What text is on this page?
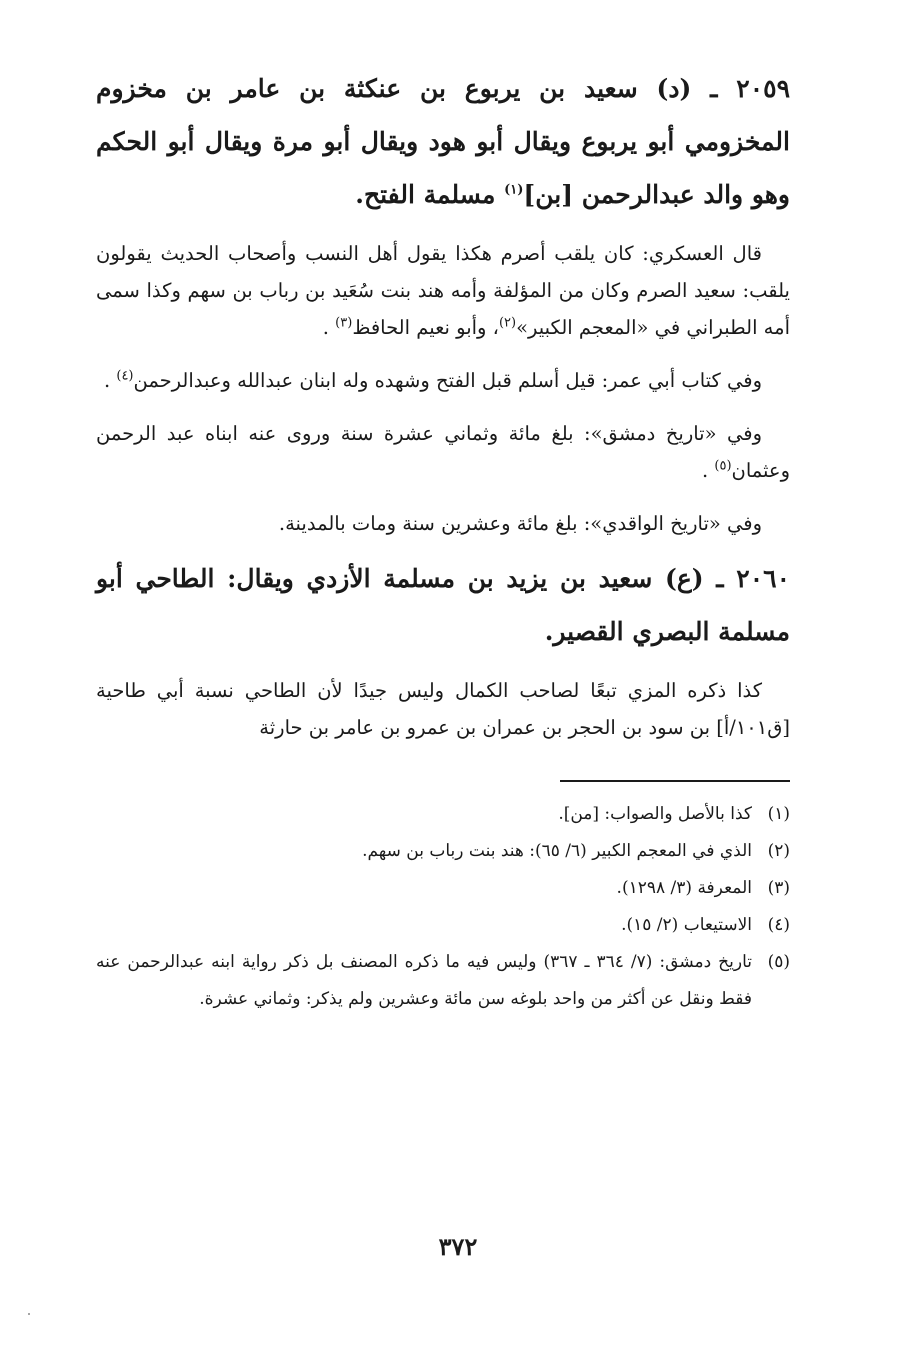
٢٠٥٩ ـ (د) سعيد بن يربوع بن عنكثة بن عامر بن مخزوم المخزومي أبو يربوع ويقال أبو هود ويقال أبو مرة ويقال أبو الحكم وهو والد عبدالرحمن [بن]$^{(١)}$ مسلمة الفتح.

قال العسكري: كان يلقب أصرم هكذا يقول أهل النسب وأصحاب الحديث يقولون يلقب: سعيد الصرم وكان من المؤلفة وأمه هند بنت سُعَيد بن رباب بن سهم وكذا سمى أمه الطبراني في «المعجم الكبير»$^{(٢)}$، وأبو نعيم الحافظ$^{(٣)}$ .

وفي كتاب أبي عمر: قيل أسلم قبل الفتح وشهده وله ابنان عبدالله وعبدالرحمن$^{(٤)}$ .

وفي «تاريخ دمشق»: بلغ مائة وثماني عشرة سنة وروى عنه ابناه عبد الرحمن وعثمان$^{(٥)}$ .

وفي «تاريخ الواقدي»: بلغ مائة وعشرين سنة ومات بالمدينة.

٢٠٦٠ ـ (ع) سعيد بن يزيد بن مسلمة الأزدي ويقال: الطاحي أبو مسلمة البصري القصير.

كذا ذكره المزي تبعًا لصاحب الكمال وليس جيدًا لأن الطاحي نسبة أبي طاحية [ق١٠١/أ] بن سود بن الحجر بن عمران بن عمرو بن عامر بن حارثة

(١)
كذا بالأصل والصواب: [من].
(٢)
الذي في المعجم الكبير (٦/ ٦٥): هند بنت رباب بن سهم.
(٣)
المعرفة (٣/ ١٢٩٨).
(٤)
الاستيعاب (٢/ ١٥).
(٥)
تاريخ دمشق: (٧/ ٣٦٤ ـ ٣٦٧) وليس فيه ما ذكره المصنف بل ذكر رواية ابنه عبدالرحمن عنه فقط ونقل عن أكثر من واحد بلوغه سن مائة وعشرين ولم يذكر: وثماني عشرة.
٣٧٢
